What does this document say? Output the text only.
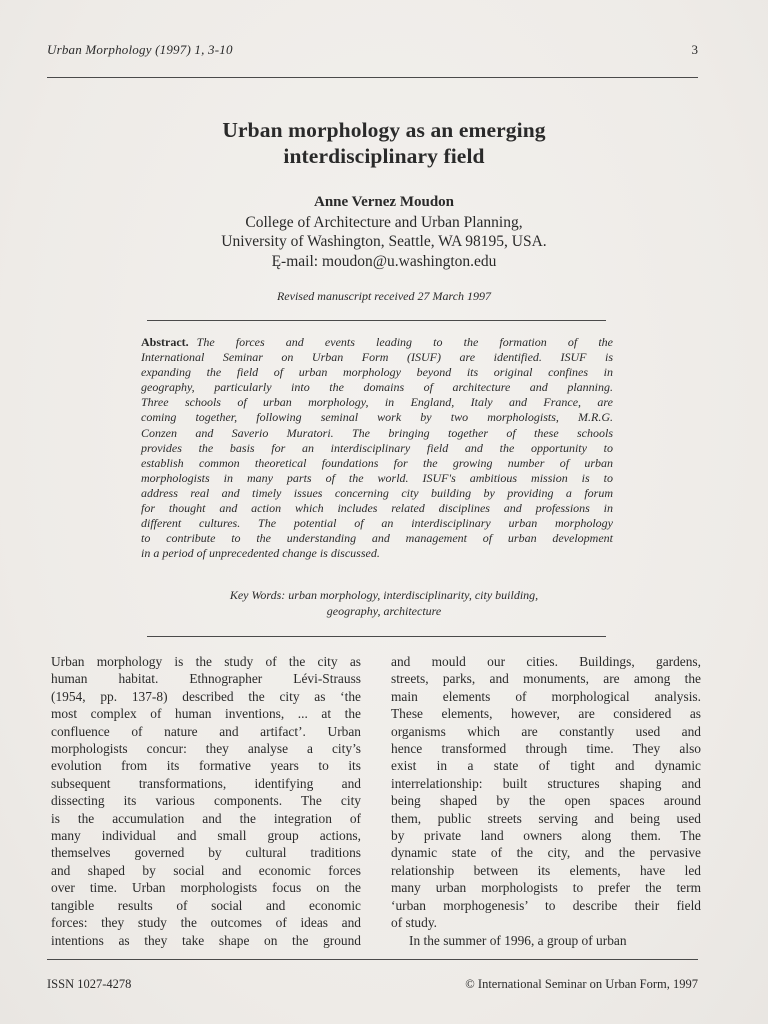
Urban Morphology (1997) 1, 3-10	3
Urban morphology as an emerging
interdisciplinary field
Anne Vernez Moudon
College of Architecture and Urban Planning,
University of Washington, Seattle, WA 98195, USA.
Ę-mail: moudon@u.washington.edu
Revised manuscript received 27 March 1997
Abstract. The forces and events leading to the formation of the
International Seminar on Urban Form (ISUF) are identified. ISUF is
expanding the field of urban morphology beyond its original confines in
geography, particularly into the domains of architecture and planning.
Three schools of urban morphology, in England, Italy and France, are
coming together, following seminal work by two morphologists, M.R.G.
Conzen and Saverio Muratori. The bringing together of these schools
provides the basis for an interdisciplinary field and the opportunity to
establish common theoretical foundations for the growing number of urban
morphologists in many parts of the world. ISUF's ambitious mission is to
address real and timely issues concerning city building by providing a forum
for thought and action which includes related disciplines and professions in
different cultures. The potential of an interdisciplinary urban morphology
to contribute to the understanding and management of urban development
in a period of unprecedented change is discussed.
Key Words: urban morphology, interdisciplinarity, city building,
geography, architecture
Urban morphology is the study of the city as
human habitat. Ethnographer Lévi-Strauss
(1954, pp. 137-8) described the city as ‘the
most complex of human inventions, ... at the
confluence of nature and artifact’. Urban
morphologists concur: they analyse a city’s
evolution from its formative years to its
subsequent transformations, identifying and
dissecting its various components. The city
is the accumulation and the integration of
many individual and small group actions,
themselves governed by cultural traditions
and shaped by social and economic forces
over time. Urban morphologists focus on the
tangible results of social and economic
forces: they study the outcomes of ideas and
intentions as they take shape on the ground
and mould our cities. Buildings, gardens,
streets, parks, and monuments, are among the
main elements of morphological analysis.
These elements, however, are considered as
organisms which are constantly used and
hence transformed through time. They also
exist in a state of tight and dynamic
interrelationship: built structures shaping and
being shaped by the open spaces around
them, public streets serving and being used
by private land owners along them. The
dynamic state of the city, and the pervasive
relationship between its elements, have led
many urban morphologists to prefer the term
‘urban morphogenesis’ to describe their field
of study.
In the summer of 1996, a group of urban
ISSN 1027-4278	© International Seminar on Urban Form, 1997
